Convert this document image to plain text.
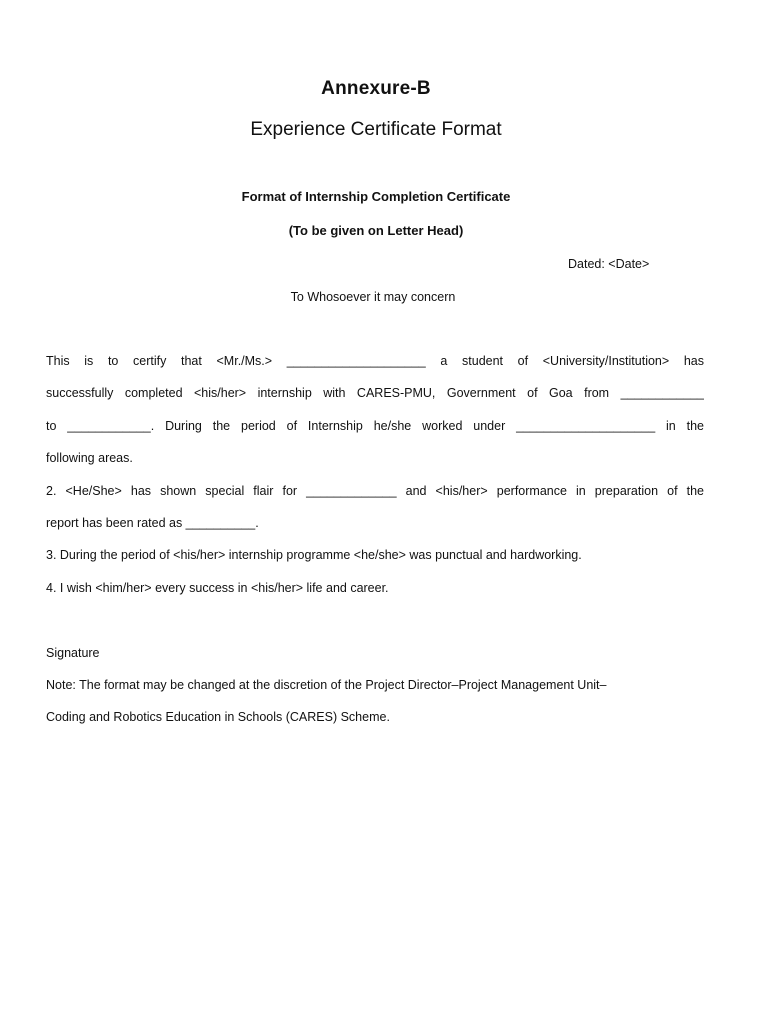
Annexure-B
Experience Certificate Format
Format of Internship Completion Certificate
(To be given on Letter Head)
Dated: <Date>
To Whosoever it may concern
This is to certify that <Mr./Ms.> ____________________ a student of <University/Institution> has
successfully completed <his/her> internship with CARES-PMU, Government of Goa from ____________
to ____________. During the period of Internship he/she worked under ____________________ in the
following areas.
2. <He/She> has shown special flair for _____________ and <his/her> performance in preparation of the
report has been rated as __________.
3. During the period of <his/her> internship programme <he/she> was punctual and hardworking.
4. I wish <him/her> every success in <his/her> life and career.
Signature
Note: The format may be changed at the discretion of the Project Director–Project Management Unit–
Coding and Robotics Education in Schools (CARES) Scheme.
